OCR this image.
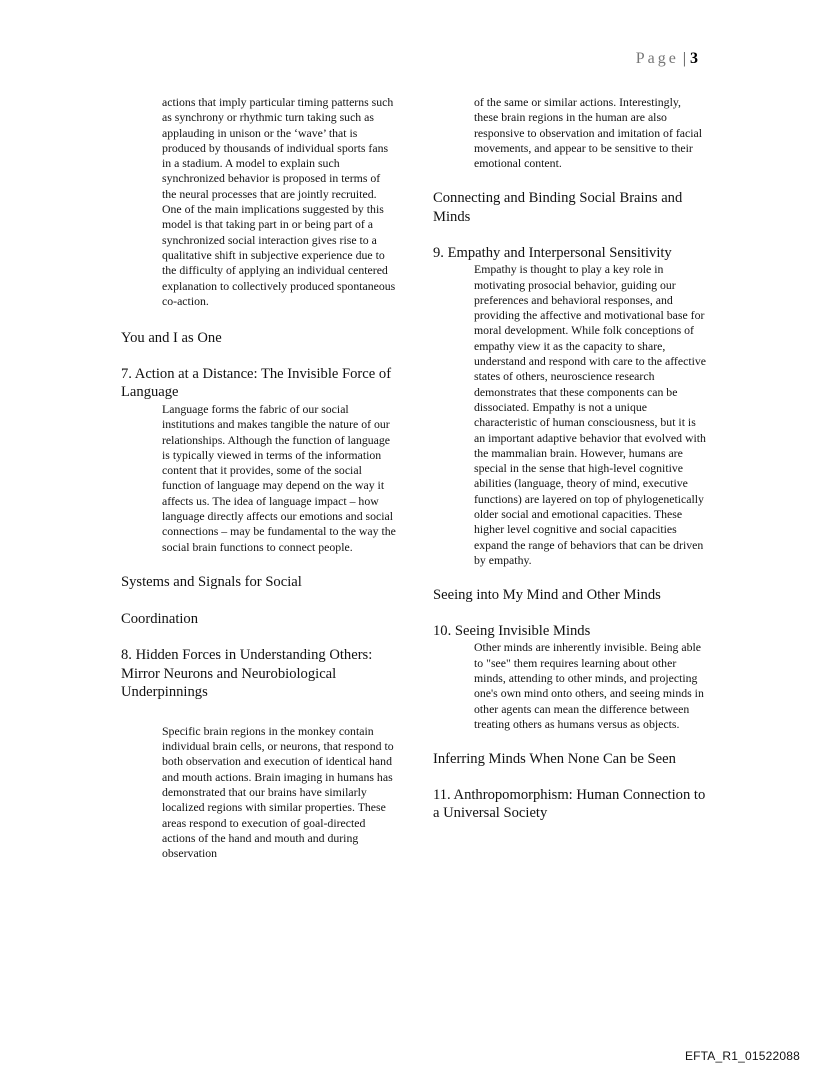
Page | 3

actions that imply particular timing patterns such as synchrony or rhythmic turn taking such as applauding in unison or the ‘wave’ that is produced by thousands of individual sports fans in a stadium. A model to explain such synchronized behavior is proposed in terms of the neural processes that are jointly recruited. One of the main implications suggested by this model is that taking part in or being part of a synchronized social interaction gives rise to a qualitative shift in subjective experience due to the difficulty of applying an individual centered explanation to collectively produced spontaneous co-action.

You and I as One
7. Action at a Distance: The Invisible Force of Language

Language forms the fabric of our social institutions and makes tangible the nature of our relationships. Although the function of language is typically viewed in terms of the information content that it provides, some of the social function of language may depend on the way it affects us. The idea of language impact – how language directly affects our emotions and social connections – may be fundamental to the way the social brain functions to connect people.

Systems and Signals for Social
Coordination
8. Hidden Forces in Understanding Others: Mirror Neurons and Neurobiological Underpinnings

Specific brain regions in the monkey contain individual brain cells, or neurons, that respond to both observation and execution of identical hand and mouth actions. Brain imaging in humans has demonstrated that our brains have similarly localized regions with similar properties. These areas respond to execution of goal-directed actions of the hand and mouth and during observation

of the same or similar actions. Interestingly, these brain regions in the human are also responsive to observation and imitation of facial movements, and appear to be sensitive to their emotional content.

Connecting and Binding Social Brains and Minds
9. Empathy and Interpersonal Sensitivity

Empathy is thought to play a key role in motivating prosocial behavior, guiding our preferences and behavioral responses, and providing the affective and motivational base for moral development. While folk conceptions of empathy view it as the capacity to share, understand and respond with care to the affective states of others, neuroscience research demonstrates that these components can be dissociated. Empathy is not a unique characteristic of human consciousness, but it is an important adaptive behavior that evolved with the mammalian brain. However, humans are special in the sense that high-level cognitive abilities (language, theory of mind, executive functions) are layered on top of phylogenetically older social and emotional capacities. These higher level cognitive and social capacities expand the range of behaviors that can be driven by empathy.

Seeing into My Mind and Other Minds
10. Seeing Invisible Minds

Other minds are inherently invisible. Being able to "see" them requires learning about other minds, attending to other minds, and projecting one's own mind onto others, and seeing minds in other agents can mean the difference between treating others as humans versus as objects.

Inferring Minds When None Can be Seen
11. Anthropomorphism: Human Connection to a Universal Society
EFTA_R1_01522088
